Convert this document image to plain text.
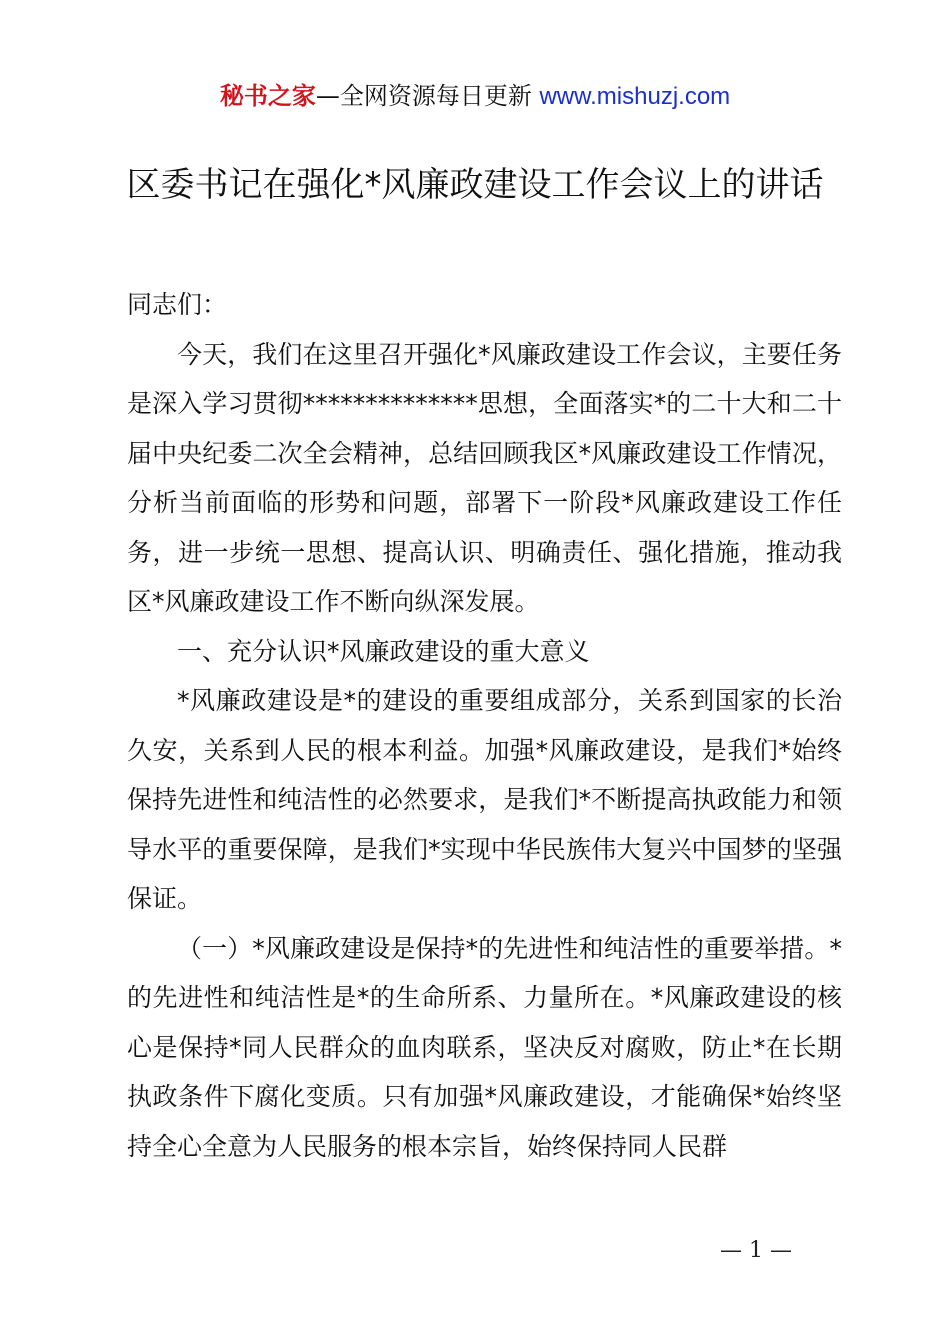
秘书之家—全网资源每日更新 www.mishuzj.com
区委书记在强化*风廉政建设工作会议上的讲话

同志们：

今天，我们在这里召开强化*风廉政建设工作会议，主要任务是深入学习贯彻**************思想，全面落实*的二十大和二十届中央纪委二次全会精神，总结回顾我区*风廉政建设工作情况，分析当前面临的形势和问题，部署下一阶段*风廉政建设工作任务，进一步统一思想、提高认识、明确责任、强化措施，推动我区*风廉政建设工作不断向纵深发展。

一、充分认识*风廉政建设的重大意义

*风廉政建设是*的建设的重要组成部分，关系到国家的长治久安，关系到人民的根本利益。加强*风廉政建设，是我们*始终保持先进性和纯洁性的必然要求，是我们*不断提高执政能力和领导水平的重要保障，是我们*实现中华民族伟大复兴中国梦的坚强保证。

（一）*风廉政建设是保持*的先进性和纯洁性的重要举措。*的先进性和纯洁性是*的生命所系、力量所在。*风廉政建设的核心是保持*同人民群众的血肉联系，坚决反对腐败，防止*在长期执政条件下腐化变质。只有加强*风廉政建设，才能确保*始终坚持全心全意为人民服务的根本宗旨，始终保持同人民群

— 1 —
